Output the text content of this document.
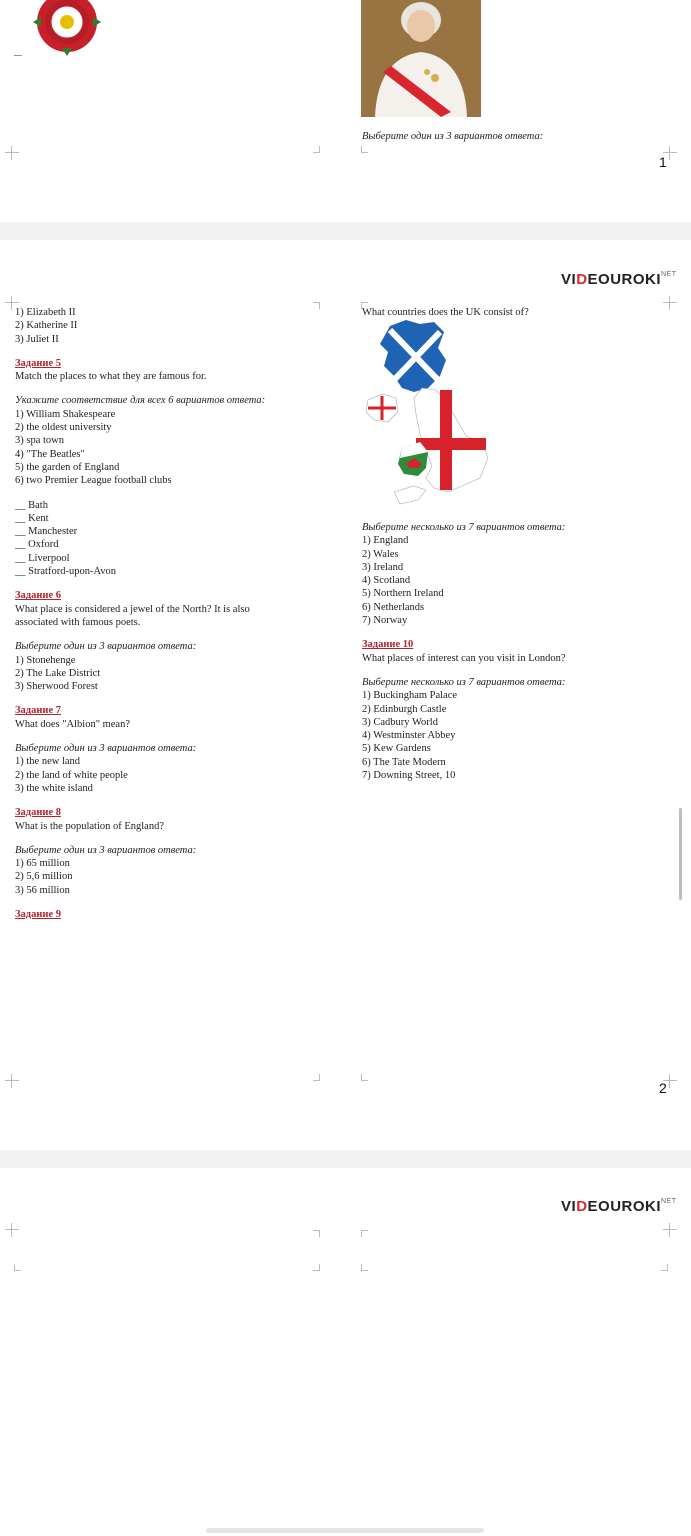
Выберите один из 3 вариантов ответа:
1
$VIDEOUROKI^{NET}$
1) Elizabeth II
2) Katherine II
3) Juliet II
Задание 5
Match the places to what they are famous for.
Укажите соответствие для всех 6 вариантов ответа:
1) William Shakespeare
2) the oldest university
3) spa town
4) "The Beatles"
5) the garden of England
6) two Premier League football clubs
__ Bath
__ Kent
__ Manchester
__ Oxford
__ Liverpool
__ Stratford-upon-Avon
Задание 6
What place is considered a jewel of the North? It is also
associated with famous poets.
Выберите один из 3 вариантов ответа:
1) Stonehenge
2) The Lake District
3) Sherwood Forest
Задание 7
What does "Albion" mean?
Выберите один из 3 вариантов ответа:
1) the new land
2) the land of white people
3) the white island
Задание 8
What is the population of England?
Выберите один из 3 вариантов ответа:
1) 65 million
2) 5,6 million
3) 56 million
Задание 9
What countries does the UK consist of?
Выберите несколько из 7 вариантов ответа:
1) England
2) Wales
3) Ireland
4) Scotland
5) Northern Ireland
6) Netherlands
7) Norway
Задание 10
What places of interest can you visit in London?
Выберите несколько из 7 вариантов ответа:
1) Buckingham Palace
2) Edinburgh Castle
3) Cadbury World
4) Westminster Abbey
5) Kew Gardens
6) The Tate Modern
7) Downing Street, 10
2
$VIDEOUROKI^{NET}$
